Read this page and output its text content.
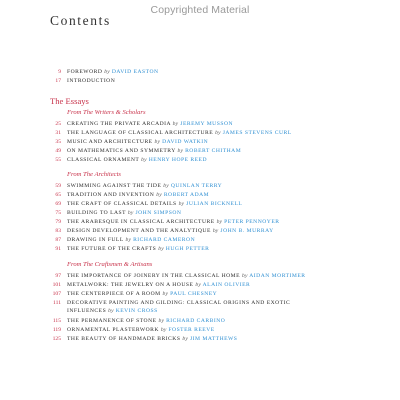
Copyrighted Material
Contents
9 FOREWORD by DAVID EASTON
17 INTRODUCTION
The Essays
From The Writers & Scholars
25 CREATING THE PRIVATE ARCADIA by JEREMY MUSSON
31 THE LANGUAGE OF CLASSICAL ARCHITECTURE by JAMES STEVENS CURL
35 MUSIC AND ARCHITECTURE by DAVID WATKIN
49 ON MATHEMATICS AND SYMMETRY by ROBERT CHITHAM
55 CLASSICAL ORNAMENT by HENRY HOPE REED
From The Architects
59 SWIMMING AGAINST THE TIDE by QUINLAN TERRY
65 TRADITION AND INVENTION by ROBERT ADAM
69 THE CRAFT OF CLASSICAL DETAILS by JULIAN BICKNELL
75 BUILDING TO LAST by JOHN SIMPSON
79 THE ARABESQUE IN CLASSICAL ARCHITECTURE by PETER PENNOYER
83 DESIGN DEVELOPMENT AND THE ANALYTIQUE by JOHN B. MURRAY
87 DRAWING IN FULL by RICHARD CAMERON
91 THE FUTURE OF THE CRAFTS by HUGH PETTER
From The Craftsmen & Artisans
97 THE IMPORTANCE OF JOINERY IN THE CLASSICAL HOME by AIDAN MORTIMER
101 METALWORK: THE JEWELRY ON A HOUSE by ALAIN OLIVIER
107 THE CENTERPIECE OF A ROOM by PAUL CHESNEY
111 DECORATIVE PAINTING AND GILDING: CLASSICAL ORIGINS AND EXOTIC
INFLUENCES by KEVIN CROSS
115 THE PERMANENCE OF STONE by RICHARD CARBINO
119 ORNAMENTAL PLASTERWORK by FOSTER REEVE
125 THE BEAUTY OF HANDMADE BRICKS by JIM MATTHEWS
